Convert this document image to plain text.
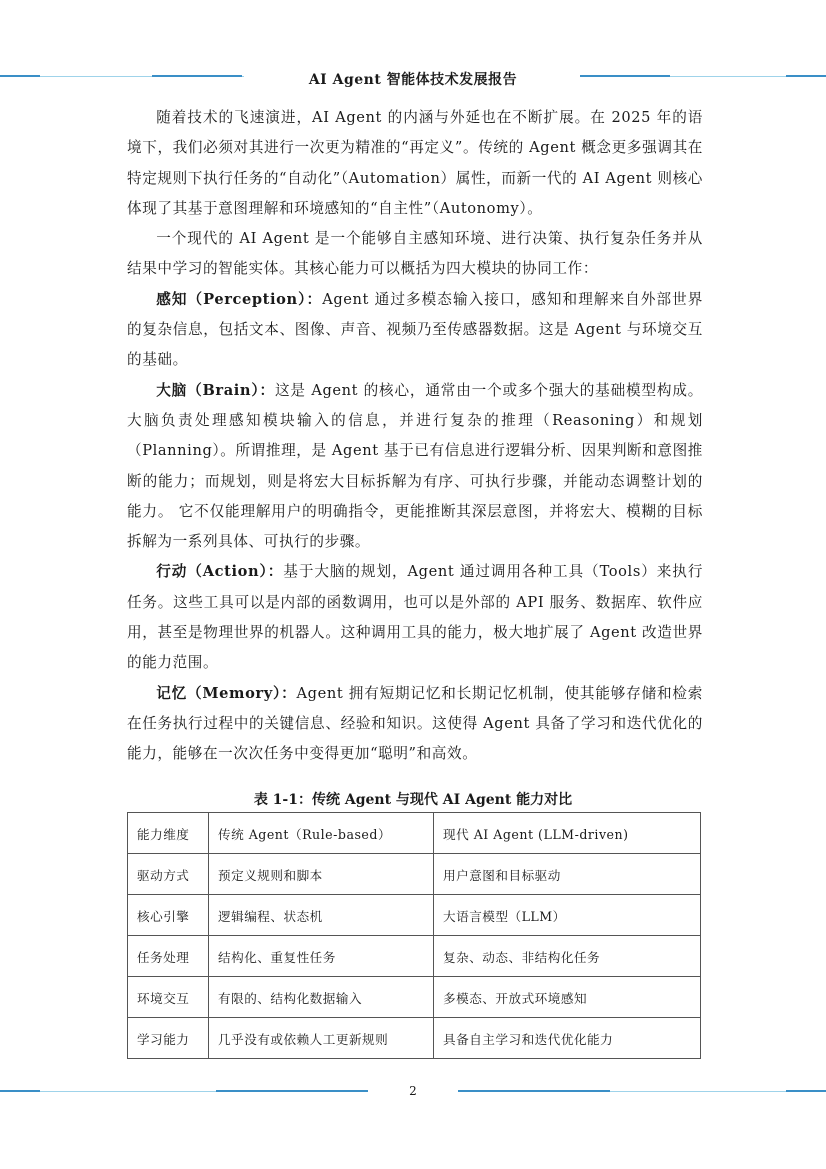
AI Agent 智能体技术发展报告

随着技术的飞速演进，AI Agent 的内涵与外延也在不断扩展。在 2025 年的语境下，我们必须对其进行一次更为精准的“再定义”。传统的 Agent 概念更多强调其在特定规则下执行任务的“自动化”（Automation）属性，而新一代的 AI Agent 则核心体现了其基于意图理解和环境感知的“自主性”（Autonomy）。

一个现代的 AI Agent 是一个能够自主感知环境、进行决策、执行复杂任务并从结果中学习的智能实体。其核心能力可以概括为四大模块的协同工作：

感知（Perception）：Agent 通过多模态输入接口，感知和理解来自外部世界的复杂信息，包括文本、图像、声音、视频乃至传感器数据。这是 Agent 与环境交互的基础。

大脑（Brain）：这是 Agent 的核心，通常由一个或多个强大的基础模型构成。大脑负责处理感知模块输入的信息，并进行复杂的推理（Reasoning）和规划（Planning）。所谓推理，是 Agent 基于已有信息进行逻辑分析、因果判断和意图推断的能力；而规划，则是将宏大目标拆解为有序、可执行步骤，并能动态调整计划的能力。 它不仅能理解用户的明确指令，更能推断其深层意图，并将宏大、模糊的目标拆解为一系列具体、可执行的步骤。

行动（Action）：基于大脑的规划，Agent 通过调用各种工具（Tools）来执行任务。这些工具可以是内部的函数调用，也可以是外部的 API 服务、数据库、软件应用，甚至是物理世界的机器人。这种调用工具的能力，极大地扩展了 Agent 改造世界的能力范围。

记忆（Memory）：Agent 拥有短期记忆和长期记忆机制，使其能够存储和检索在任务执行过程中的关键信息、经验和知识。这使得 Agent 具备了学习和迭代优化的能力，能够在一次次任务中变得更加“聪明”和高效。

表 1-1：传统 Agent 与现代 AI Agent 能力对比
能力维度	传统 Agent（Rule-based）	现代 AI Agent (LLM-driven)
驱动方式	预定义规则和脚本	用户意图和目标驱动
核心引擎	逻辑编程、状态机	大语言模型（LLM）
任务处理	结构化、重复性任务	复杂、动态、非结构化任务
环境交互	有限的、结构化数据输入	多模态、开放式环境感知
学习能力	几乎没有或依赖人工更新规则	具备自主学习和迭代优化能力
2
